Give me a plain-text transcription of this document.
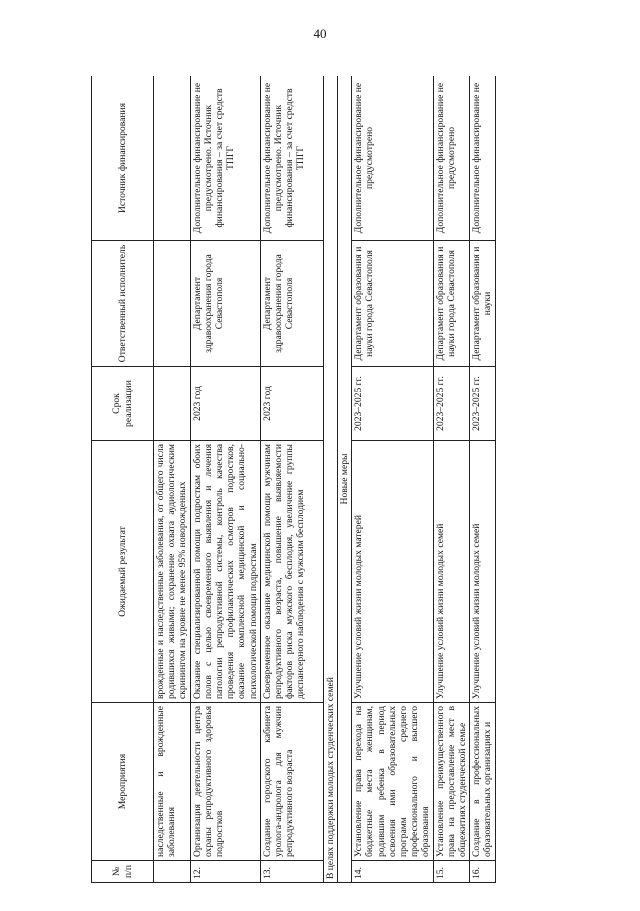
40
№ п/п	Мероприятия	Ожидаемый результат	Срок реализации	Ответственный исполнитель	Источник финансирования
	наследственные и врожденные заболевания	врожденные и наследственные заболевания, от общего числа родившихся живыми; сохранение охвата аудиологическим скринингом на уровне не менее 95% новорожденных			
12.	Организация деятельности центра охраны репродуктивного здоровья подростков	Оказание специализированной помощи подросткам обоих полов с целью своевременного выявления и лечения патологии репродуктивной системы, контроль качества проведения профилактических осмотров подростков, оказание комплексной медицинской и социально-психологической помощи подросткам	2023 год	Департамент здравоохранения города Севастополя	Дополнительное финансирование не предусмотрено. Источник финансирования – за счет средств ТПГГ
13.	Создание городского кабинета уролога-андролога для мужчин репродуктивного возраста	Своевременное оказание медицинской помощи мужчинам репродуктивного возраста, повышение выявляемости факторов риска мужского бесплодия, увеличение группы диспансерного наблюдения с мужским бесплодием	2023 год	Департамент здравоохранения города Севастополя	Дополнительное финансирование не предусмотрено. Источник финансирования – за счет средств ТПГГ
В целях поддержки молодых студенческих семей					
Новые меры					
14.	Установление права перехода на бюджетные места женщинам, родившим ребенка в период освоения ими образовательных программ среднего профессионального и высшего образования	Улучшение условий жизни молодых матерей	2023–2025 гг.	Департамент образования и науки города Севастополя	Дополнительное финансирование не предусмотрено
15.	Установление преимущественного права на предоставление мест в общежитиях студенческой семье	Улучшение условий жизни молодых семей	2023–2025 гг.	Департамент образования и науки города Севастополя	Дополнительное финансирование не предусмотрено
16.	Создание в профессиональных образовательных организациях и	Улучшение условий жизни молодых семей	2023–2025 гг.	Департамент образования и науки	Дополнительное финансирование не
